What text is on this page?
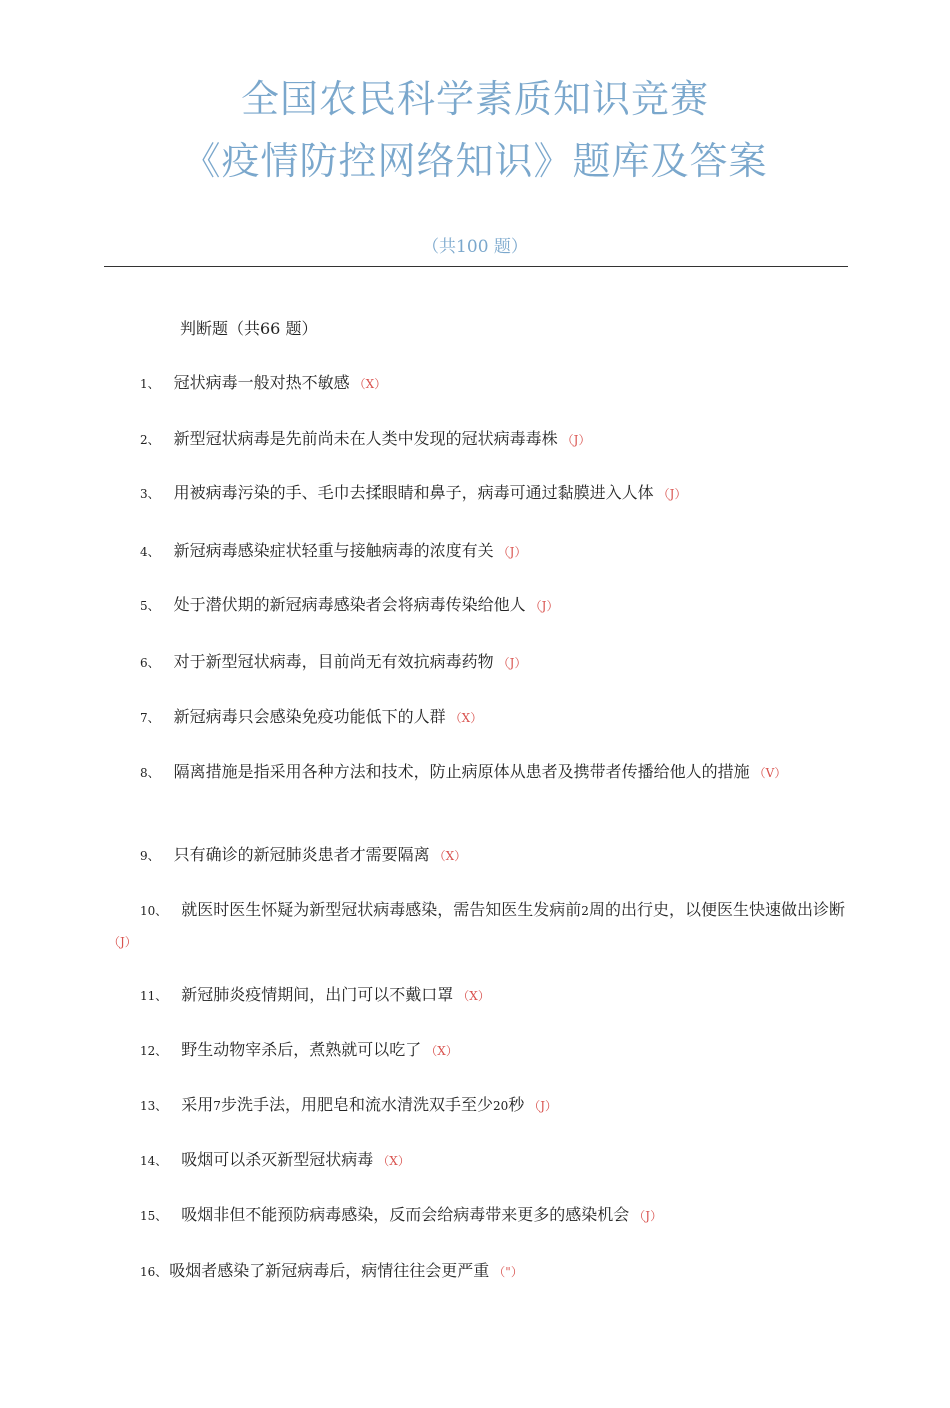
全国农民科学素质知识竞赛
《疫情防控网络知识》题库及答案
（共100 题）
判断题（共66 题）
1、 冠状病毒一般对热不敏感 （X）
2、 新型冠状病毒是先前尚未在人类中发现的冠状病毒毒株 （J）
3、 用被病毒污染的手、毛巾去揉眼睛和鼻子，病毒可通过黏膜进入人体 （J）
4、 新冠病毒感染症状轻重与接触病毒的浓度有关 （J）
5、 处于潜伏期的新冠病毒感染者会将病毒传染给他人 （J）
6、 对于新型冠状病毒，目前尚无有效抗病毒药物 （J）
7、 新冠病毒只会感染免疫功能低下的人群 （X）
8、 隔离措施是指采用各种方法和技术，防止病原体从患者及携带者传播给他人的措施 （V）
9、 只有确诊的新冠肺炎患者才需要隔离 （X）
10、 就医时医生怀疑为新型冠状病毒感染，需告知医生发病前2周的出行史，以便医生快速做出诊断（J）
11、 新冠肺炎疫情期间，出门可以不戴口罩 （X）
12、 野生动物宰杀后，煮熟就可以吃了 （X）
13、 采用7步洗手法，用肥皂和流水清洗双手至少20秒 （J）
14、 吸烟可以杀灭新型冠状病毒 （X）
15、 吸烟非但不能预防病毒感染，反而会给病毒带来更多的感染机会 （J）
16、 吸烟者感染了新冠病毒后，病情往往会更严重 （"）
